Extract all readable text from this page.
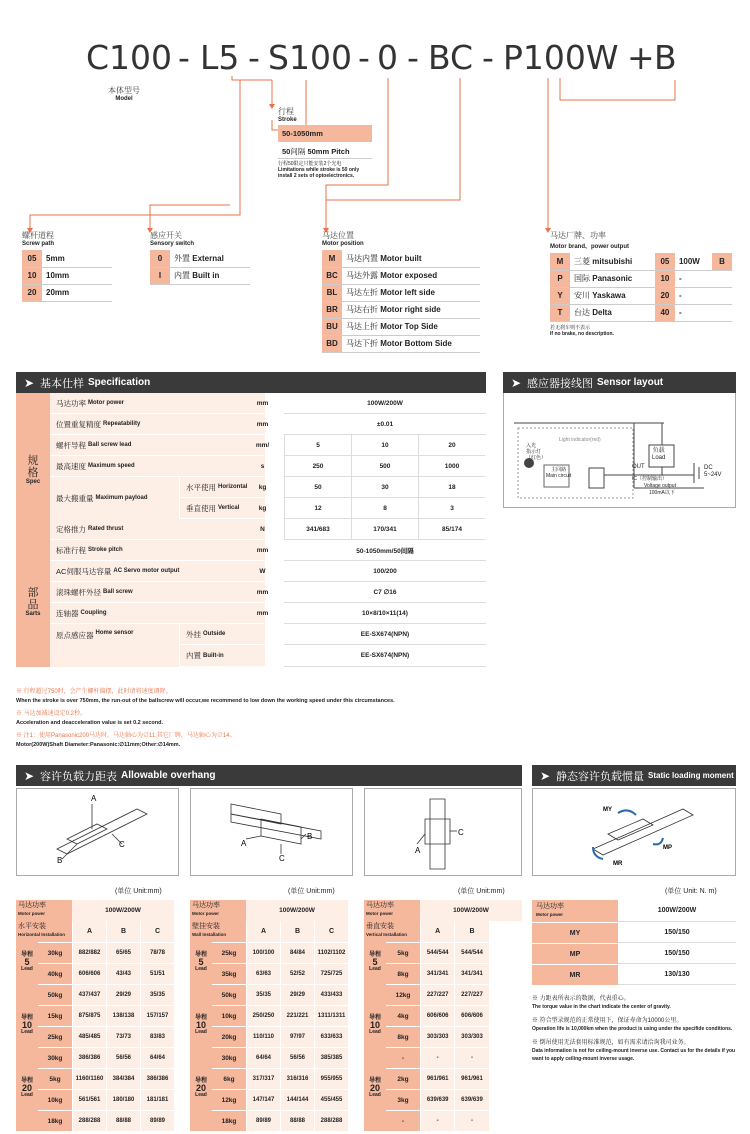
C100 - L5 - S100 - 0 - BC - P100W + B
本体型号
Model
行程
Stroke
50-1050mm
50间隔 50mm Pitch
行程50限定只能安装2个光电
Limitations while stroke is 50 only
install 2 sets of optoelectronics.
螺杆道程
Screw path
05	5mm
10	10mm
20	20mm
感应开关
Sensory switch
0	外置 External
I	内置 Built in
马达位置
Motor position
M	马达内置 Motor built
BC	马达外露 Motor exposed
BL	马达左折 Motor left side
BR	马达右折 Motor right side
BU	马达上折 Motor Top Side
BD	马达下折 Motor Bottom Side
马达厂牌、功率
Motor brand、power output
M	三菱 mitsubishi	05	100W	B
P	国际 Panasonic	10	-	
Y	安川 Yaskawa	20	-	
T	台达 Delta	40	-	
若无刹车则不表示
If no brake, no description.
➤ 基本仕样 Specification	➤ 感应器接线图 Sensor layout
规格
Spec
部品
Sarts
马达功率 Motor power	mm	100W/200W
位置重复精度 Repeatability	mm	±0.01
螺杆导程 Ball screw lead	mm/	5	10	20
最高速度 Maximum speed	s	250	500	1000
水平使用 Horizontal	kg	50	30	18
垂直使用 Vertical	kg	12	8	3
定格推力 Rated thrust	N	341/683	170/341	85/174
标准行程 Stroke pitch	mm	50-1050mm/50间隔
AC伺服马达容量 AC Servo motor output	W	100/200
滚珠螺杆外径 Ball screw	mm	C7 ∅16
连轴器 Coupling	mm	10×8/10×11(14)
外挂 Outside	EE-SX674(NPN)
内置 Built-in	EE-SX674(NPN)
最大搬重量 Maximum payload
原点感应器 Home sensor
Light indicator(red)
入光
指示灯
（红色）
主回路
Main circuit
OUT
IC（控制输出）
Voltage output
100mA以下
负载
Load
DC
5~24V
※ 行程超过750时，会产生螺杆偏摆，此时请将速度调降。
When the stroke is over 750mm, the run-out of the ballscrew will occur,we recommend to low down the working speed under this circumstances.
※ 马达加减速设定0.2秒。
Acceleration and deacceleration value is set 0.2 second.
※ 注1：使用Panasonic200马达时，马达轴心为∅11;其它厂牌，马达轴心为∅14。
Motor(200W)Shaft Diameter:Panasonic:∅11mm;Other:∅14mm.
➤ 容许负载力距表 Allowable overhang	➤ 静态容许负载惯量 Static loading moment
A
C
B
A
B
C
A
C
MY
MP
MR
(单位 Unit:mm)	(单位 Unit:mm)	(单位 Unit:mm)	(单位 Unit: N. m)
马达功率
Motor power	100W/200W
水平安装
Horizontal Installation	A	B	C
导程
5
Lead
30kg	882/882	65/65	78/78
40kg	606/606	43/43	51/51
50kg	437/437	29/29	35/35
导程
10
Lead
15kg	875/875	138/138	157/157
25kg	485/485	73/73	83/83
30kg	386/386	56/56	64/64
导程
20
Lead
5kg	1160/1160	384/384	386/386
10kg	561/561	180/180	181/181
18kg	288/288	88/88	89/89
马达功率
Motor power	100W/200W
壁挂安装
Wall Installation	A	B	C
导程
5
Lead
25kg	100/100	84/84	1102/1102
35kg	63/63	52/52	725/725
50kg	35/35	29/29	433/433
导程
10
Lead
10kg	250/250	221/221	1311/1311
20kg	110/110	97/97	633/633
30kg	64/64	56/56	385/385
导程
20
Lead
6kg	317/317	316/316	955/955
12kg	147/147	144/144	455/455
18kg	89/89	88/88	288/288
马达功率
Motor power	100W/200W
垂直安装
Vertical Installation	A	B
导程
5
Lead
5kg	544/544	544/544
8kg	341/341	341/341
12kg	227/227	227/227
导程
10
Lead
4kg	606/606	606/606
8kg	303/303	303/303
-	-	-
导程
20
Lead
2kg	961/961	961/961
3kg	639/639	639/639
-	-	-
马达功率
Motor power
100W/200W
MY	150/150
MP	150/150
MR	130/130
※ 力距表所表示的数据，代表重心。
The torque value in the chart indicate the center of gravity.
※ 符合型录规范的正常使用下，保证寿命为10000公里。
Operation life is 10,000km when the product is using under the specifide conditions.
※ 倒吊使用无法套用标准规范，如有需求请洽询我司业务。
Data information is not for ceiling-mount inverse use. Contact us for the details if you want to apply ceiling-mount inverse usage.
